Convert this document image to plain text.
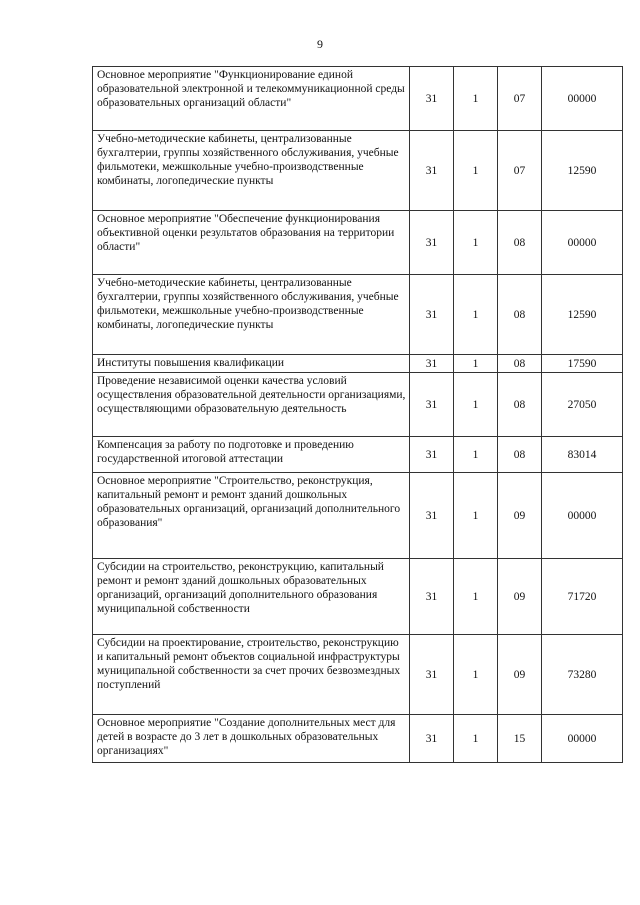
9
Основное мероприятие "Функционирование единой образовательной электронной и телекоммуникационной среды образовательных организаций области"	31	1	07	00000
Учебно-методические кабинеты, централизованные бухгалтерии, группы хозяйственного обслуживания, учебные фильмотеки, межшкольные учебно-производственные комбинаты, логопедические пункты	31	1	07	12590
Основное мероприятие "Обеспечение функционирования объективной оценки результатов образования на территории области"	31	1	08	00000
Учебно-методические кабинеты, централизованные бухгалтерии, группы хозяйственного обслуживания, учебные фильмотеки, межшкольные учебно-производственные комбинаты, логопедические пункты	31	1	08	12590
Институты повышения квалификации	31	1	08	17590
Проведение независимой оценки качества условий осуществления образовательной деятельности организациями, осуществляющими образовательную деятельность	31	1	08	27050
Компенсация за работу по подготовке и проведению государственной итоговой аттестации	31	1	08	83014
Основное мероприятие "Строительство, реконструкция, капитальный ремонт и ремонт зданий дошкольных образовательных организаций, организаций дополнительного образования"	31	1	09	00000
Субсидии на строительство, реконструкцию, капитальный ремонт и ремонт зданий дошкольных образовательных организаций, организаций дополнительного образования муниципальной собственности	31	1	09	71720
Субсидии на проектирование, строительство, реконструкцию и капитальный ремонт объектов социальной инфраструктуры муниципальной собственности за счет прочих безвозмездных поступлений	31	1	09	73280
Основное мероприятие "Создание дополнительных мест для детей в возрасте до 3 лет в дошкольных образовательных организациях"	31	1	15	00000
